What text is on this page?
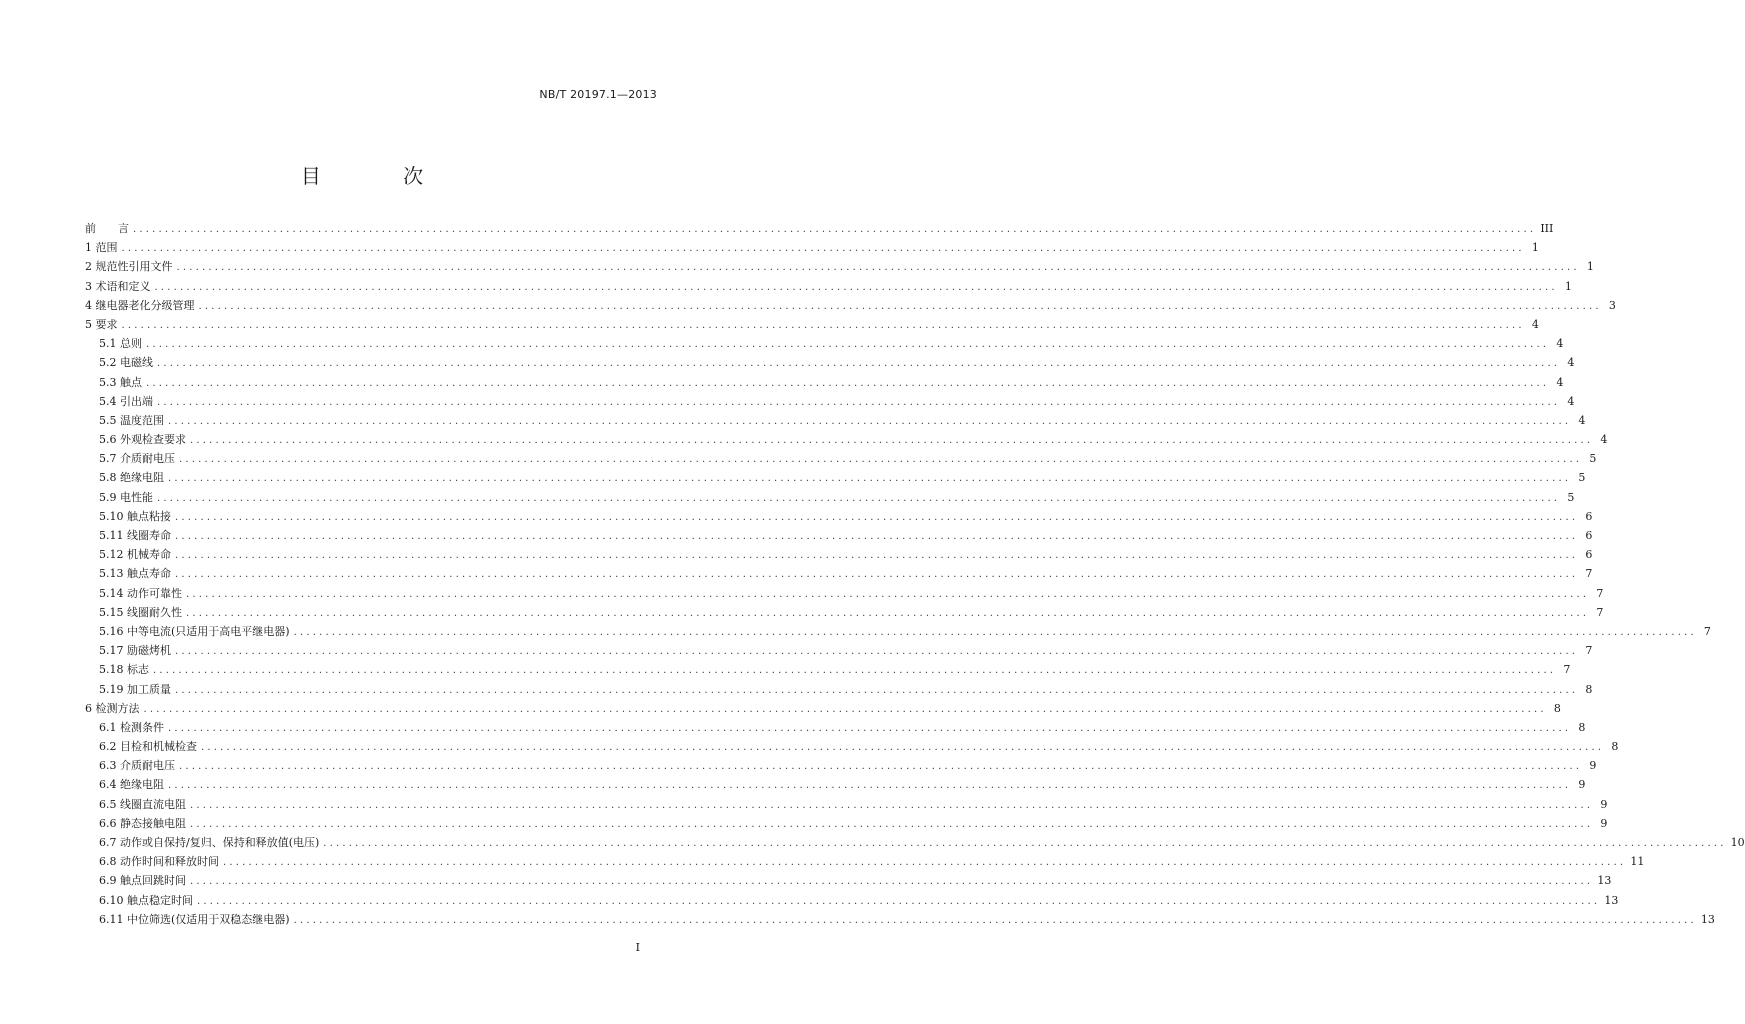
NB/T 20197.1—2013
目 次
前言 ............................................................................................................................................................................................................................ III
1 范围 ............................................................................................................................................................................................................................ 1
2 规范性引用文件 ............................................................................................................................................................................................................................ 1
3 术语和定义 ............................................................................................................................................................................................................................ 1
4 继电器老化分级管理 ............................................................................................................................................................................................................................ 3
5 要求 ............................................................................................................................................................................................................................ 4
5.1 总则 ............................................................................................................................................................................................................................ 4
5.2 电磁线 ............................................................................................................................................................................................................................ 4
5.3 触点 ............................................................................................................................................................................................................................ 4
5.4 引出端 ............................................................................................................................................................................................................................ 4
5.5 温度范围 ............................................................................................................................................................................................................................ 4
5.6 外观检查要求 ............................................................................................................................................................................................................................ 4
5.7 介质耐电压 ............................................................................................................................................................................................................................ 5
5.8 绝缘电阻 ............................................................................................................................................................................................................................ 5
5.9 电性能 ............................................................................................................................................................................................................................ 5
5.10 触点粘接 ............................................................................................................................................................................................................................ 6
5.11 线圈寿命 ............................................................................................................................................................................................................................ 6
5.12 机械寿命 ............................................................................................................................................................................................................................ 6
5.13 触点寿命 ............................................................................................................................................................................................................................ 7
5.14 动作可靠性 ............................................................................................................................................................................................................................ 7
5.15 线圈耐久性 ............................................................................................................................................................................................................................ 7
5.16 中等电流(只适用于高电平继电器) ............................................................................................................................................................................................................................ 7
5.17 励磁烤机 ............................................................................................................................................................................................................................ 7
5.18 标志 ............................................................................................................................................................................................................................ 7
5.19 加工质量 ............................................................................................................................................................................................................................ 8
6 检测方法 ............................................................................................................................................................................................................................ 8
6.1 检测条件 ............................................................................................................................................................................................................................ 8
6.2 目检和机械检查 ............................................................................................................................................................................................................................ 8
6.3 介质耐电压 ............................................................................................................................................................................................................................ 9
6.4 绝缘电阻 ............................................................................................................................................................................................................................ 9
6.5 线圈直流电阻 ............................................................................................................................................................................................................................ 9
6.6 静态接触电阻 ............................................................................................................................................................................................................................ 9
6.7 动作或自保持/复归、保持和释放值(电压) ............................................................................................................................................................................................................................ 10
6.8 动作时间和释放时间 ............................................................................................................................................................................................................................ 11
6.9 触点回跳时间 ............................................................................................................................................................................................................................ 13
6.10 触点稳定时间 ............................................................................................................................................................................................................................ 13
6.11 中位筛选(仅适用于双稳态继电器) ............................................................................................................................................................................................................................ 13
I
